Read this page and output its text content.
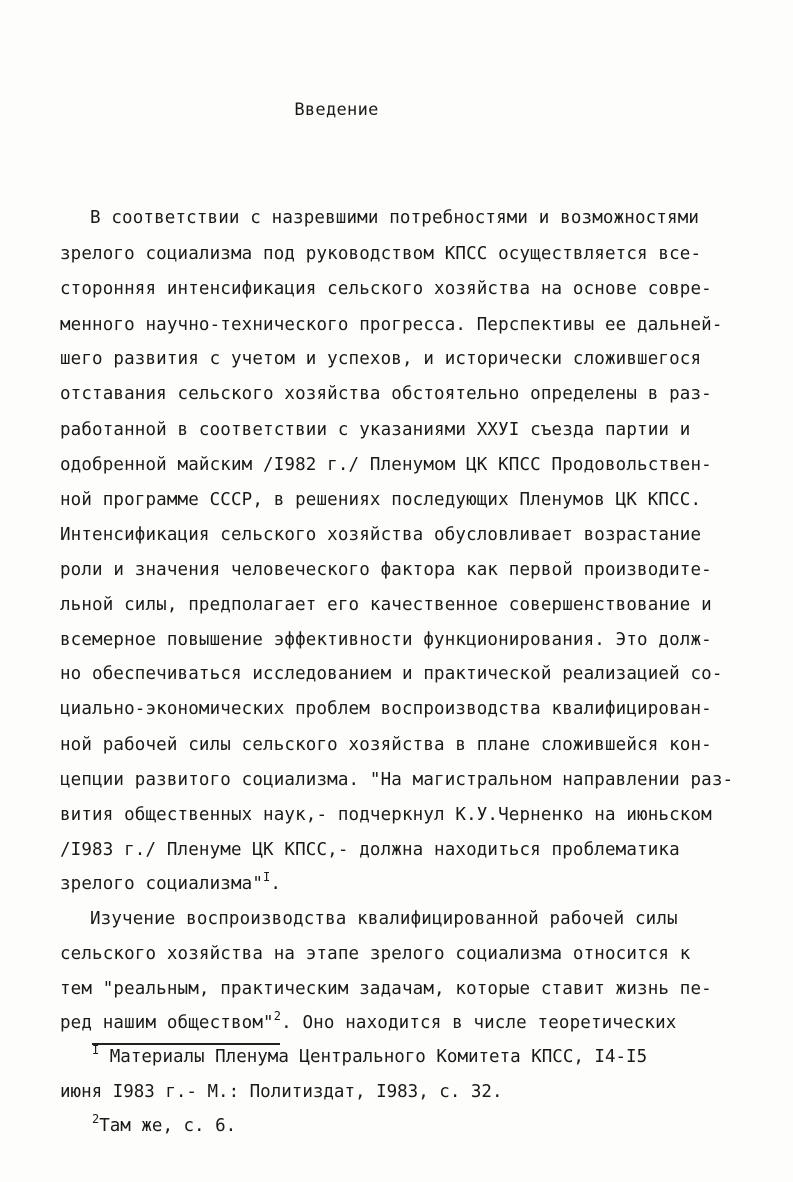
Введение
В соответствии с назревшими потребностями и возможностями
зрелого социализма под руководством КПСС осуществляется все-
сторонняя интенсификация сельского хозяйства на основе совре-
менного научно-технического прогресса. Перспективы ее дальней-
шего развития с учетом и успехов, и исторически сложившегося
отставания сельского хозяйства обстоятельно определены в раз-
работанной в соответствии с указаниями XXУI съезда партии и
одобренной майским /I982 г./ Пленумом ЦК КПСС Продовольствен-
ной программе СССР, в решениях последующих Пленумов ЦК КПСС.
Интенсификация сельского хозяйства обусловливает возрастание
роли и значения человеческого фактора как первой производите-
льной силы, предполагает его качественное совершенствование и
всемерное повышение эффективности функционирования. Это долж-
но обеспечиваться исследованием и практической реализацией со-
циально-экономических проблем воспроизводства квалифицирован-
ной рабочей силы сельского хозяйства в плане сложившейся кон-
цепции развитого социализма. "На магистральном направлении раз-
вития общественных наук,- подчеркнул К.У.Черненко на июньском
/I983 г./ Пленуме ЦК КПСС,- должна находиться проблематика
зрелого социализма"$^I$.
Изучение воспроизводства квалифицированной рабочей силы
сельского хозяйства на этапе зрелого социализма относится к
тем "реальным, практическим задачам, которые ставит жизнь пе-
ред нашим обществом"$^2$. Оно находится в числе теоретических
$^I$ Материалы Пленума Центрального Комитета КПСС, I4-I5
июня I983 г.- М.: Политиздат, I983, с. 32.
$^2$Там же, с. 6.
